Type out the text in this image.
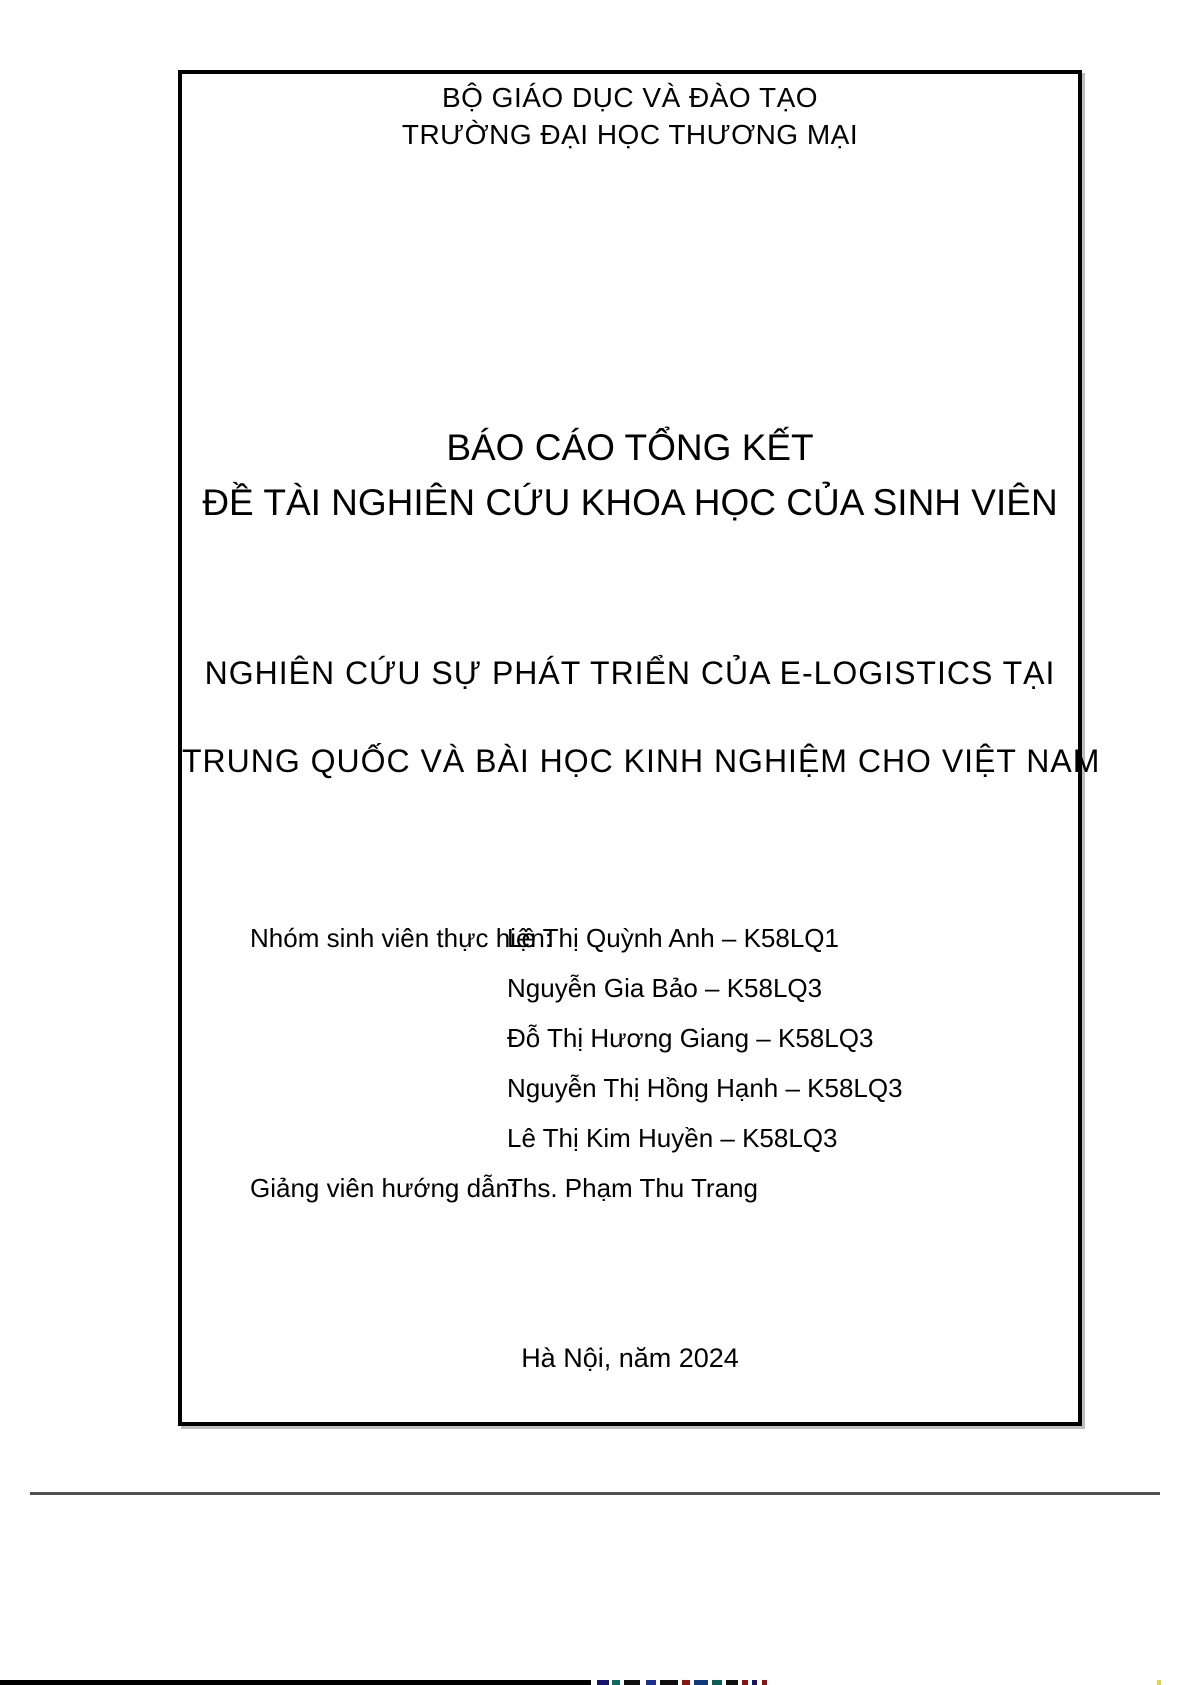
BỘ GIÁO DỤC VÀ ĐÀO TẠO
TRƯỜNG ĐẠI HỌC THƯƠNG MẠI
BÁO CÁO TỔNG KẾT
ĐỀ TÀI NGHIÊN CỨU KHOA HỌC CỦA SINH VIÊN
NGHIÊN CỨU SỰ PHÁT TRIỂN CỦA E-LOGISTICS TẠI
TRUNG QUỐC VÀ BÀI HỌC KINH NGHIỆM CHO VIỆT NAM
Nhóm sinh viên thực hiện:
Lê Thị Quỳnh Anh – K58LQ1
Nguyễn Gia Bảo – K58LQ3
Đỗ Thị Hương Giang – K58LQ3
Nguyễn Thị Hồng Hạnh – K58LQ3
Lê Thị Kim Huyền – K58LQ3
Giảng viên hướng dẫn:
Ths. Phạm Thu Trang
Hà Nội, năm 2024
